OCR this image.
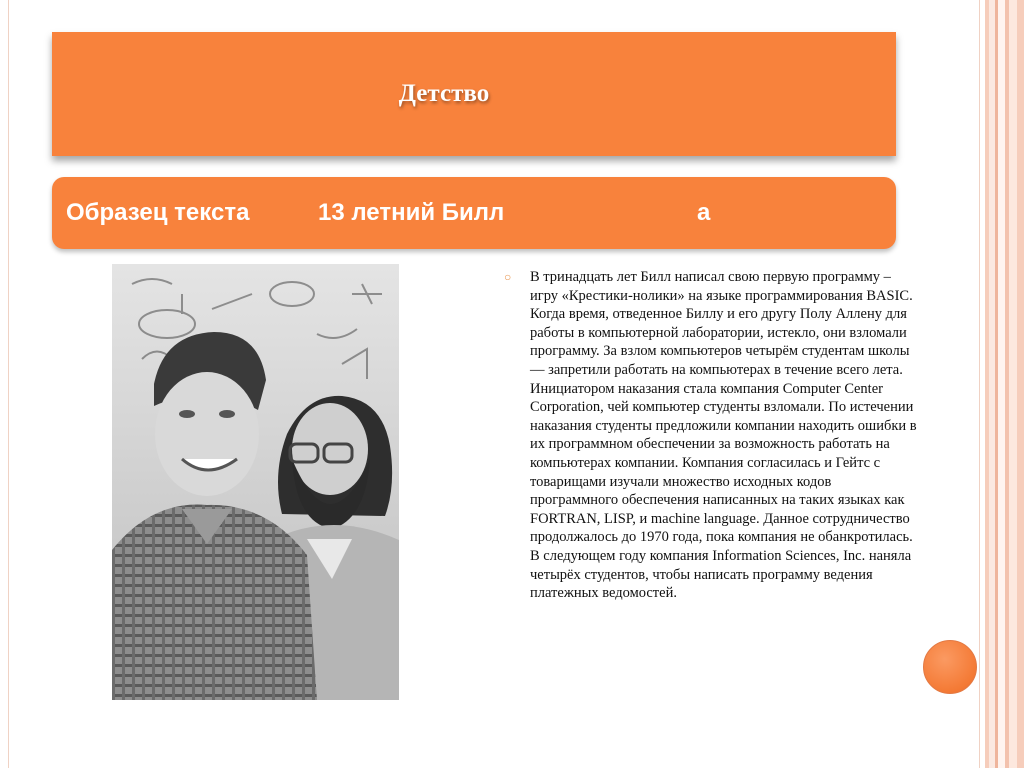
Детство
Образец текста	13 летний Билл	а
○	В тринадцать лет Билл написал свою первую программу – игру «Крестики-нолики» на языке программирования BASIC. Когда время, отведенное Биллу и его другу Полу Аллену для работы в компьютерной лаборатории, истекло, они взломали программу. За взлом компьютеров четырём студентам школы — запретили работать на компьютерах в течение всего лета. Инициатором наказания стала компания Computer Center Corporation, чей компьютер студенты взломали. По истечении наказания студенты предложили компании находить ошибки в их программном обеспечении за возможность работать на компьютерах компании. Компания согласилась и Гейтс с товарищами изучали множество исходных кодов программного обеспечения написанных на таких языках как FORTRAN, LISP, и machine language. Данное сотрудничество продолжалось до 1970 года, пока компания не обанкротилась. В следующем году компания Information Sciences, Inc. наняла четырёх студентов, чтобы написать программу ведения платежных ведомостей.
